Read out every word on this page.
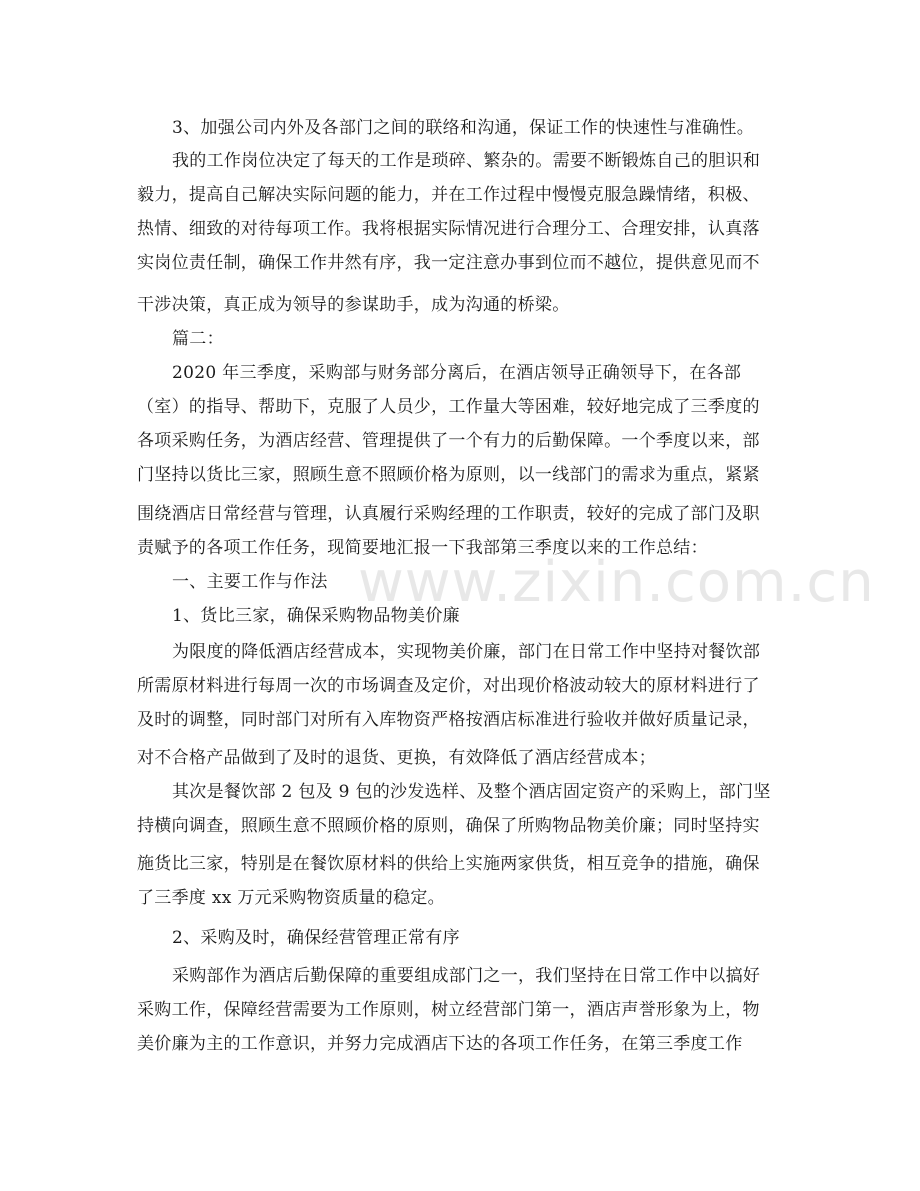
www.zixin.com.cn
3、加强公司内外及各部门之间的联络和沟通，保证工作的快速性与准确性。
我的工作岗位决定了每天的工作是琐碎、繁杂的。需要不断锻炼自己的胆识和
毅力，提高自己解决实际问题的能力，并在工作过程中慢慢克服急躁情绪，积极、
热情、细致的对待每项工作。我将根据实际情况进行合理分工、合理安排，认真落
实岗位责任制，确保工作井然有序，我一定注意办事到位而不越位，提供意见而不
干涉决策，真正成为领导的参谋助手，成为沟通的桥梁。
篇二：
2020 年三季度，采购部与财务部分离后，在酒店领导正确领导下，在各部
（室）的指导、帮助下，克服了人员少，工作量大等困难，较好地完成了三季度的
各项采购任务，为酒店经营、管理提供了一个有力的后勤保障。一个季度以来，部
门坚持以货比三家，照顾生意不照顾价格为原则，以一线部门的需求为重点，紧紧
围绕酒店日常经营与管理，认真履行采购经理的工作职责，较好的完成了部门及职
责赋予的各项工作任务，现简要地汇报一下我部第三季度以来的工作总结：
一、主要工作与作法
1、货比三家，确保采购物品物美价廉
为限度的降低酒店经营成本，实现物美价廉，部门在日常工作中坚持对餐饮部
所需原材料进行每周一次的市场调查及定价，对出现价格波动较大的原材料进行了
及时的调整，同时部门对所有入库物资严格按酒店标准进行验收并做好质量记录，
对不合格产品做到了及时的退货、更换，有效降低了酒店经营成本；
其次是餐饮部 2 包及 9 包的沙发选样、及整个酒店固定资产的采购上，部门坚
持横向调查，照顾生意不照顾价格的原则，确保了所购物品物美价廉；同时坚持实
施货比三家，特别是在餐饮原材料的供给上实施两家供货，相互竞争的措施，确保
了三季度 xx 万元采购物资质量的稳定。
2、采购及时，确保经营管理正常有序
采购部作为酒店后勤保障的重要组成部门之一，我们坚持在日常工作中以搞好
采购工作，保障经营需要为工作原则，树立经营部门第一，酒店声誉形象为上，物
美价廉为主的工作意识，并努力完成酒店下达的各项工作任务，在第三季度工作
